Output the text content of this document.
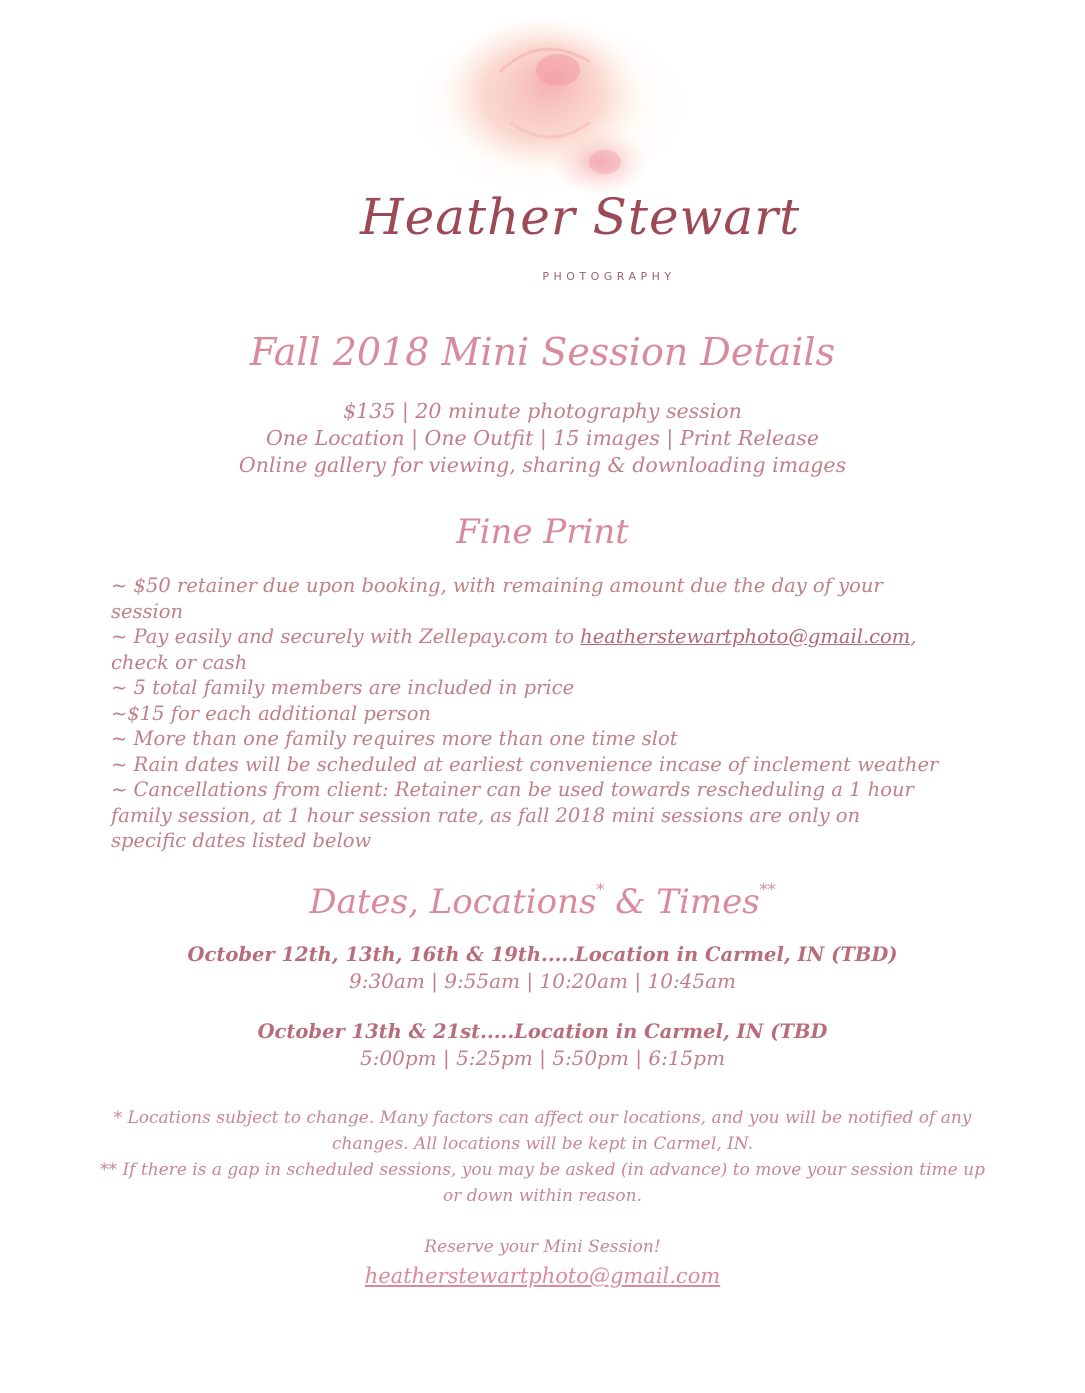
Heather Stewart
PHOTOGRAPHY
Fall 2018 Mini Session Details
$135 | 20 minute photography session
One Location | One Outfit | 15 images | Print Release
Online gallery for viewing, sharing & downloading images
Fine Print
~ $50 retainer due upon booking, with remaining amount due the day of your session
~ Pay easily and securely with Zellepay.com to heatherstewartphoto@gmail.com, check or cash
~ 5 total family members are included in price
~$15 for each additional person
~ More than one family requires more than one time slot
~ Rain dates will be scheduled at earliest convenience incase of inclement weather
~ Cancellations from client: Retainer can be used towards rescheduling a 1 hour family session, at 1 hour session rate, as fall 2018 mini sessions are only on specific dates listed below
Dates, Locations* & Times**
October 12th, 13th, 16th & 19th.....Location in Carmel, IN (TBD)
9:30am | 9:55am | 10:20am | 10:45am
October 13th & 21st.....Location in Carmel, IN (TBD
5:00pm | 5:25pm | 5:50pm | 6:15pm

* Locations subject to change. Many factors can affect our locations, and you will be notified of any changes. All locations will be kept in Carmel, IN.

** If there is a gap in scheduled sessions, you may be asked (in advance) to move your session time up or down within reason.

Reserve your Mini Session!
heatherstewartphoto@gmail.com
